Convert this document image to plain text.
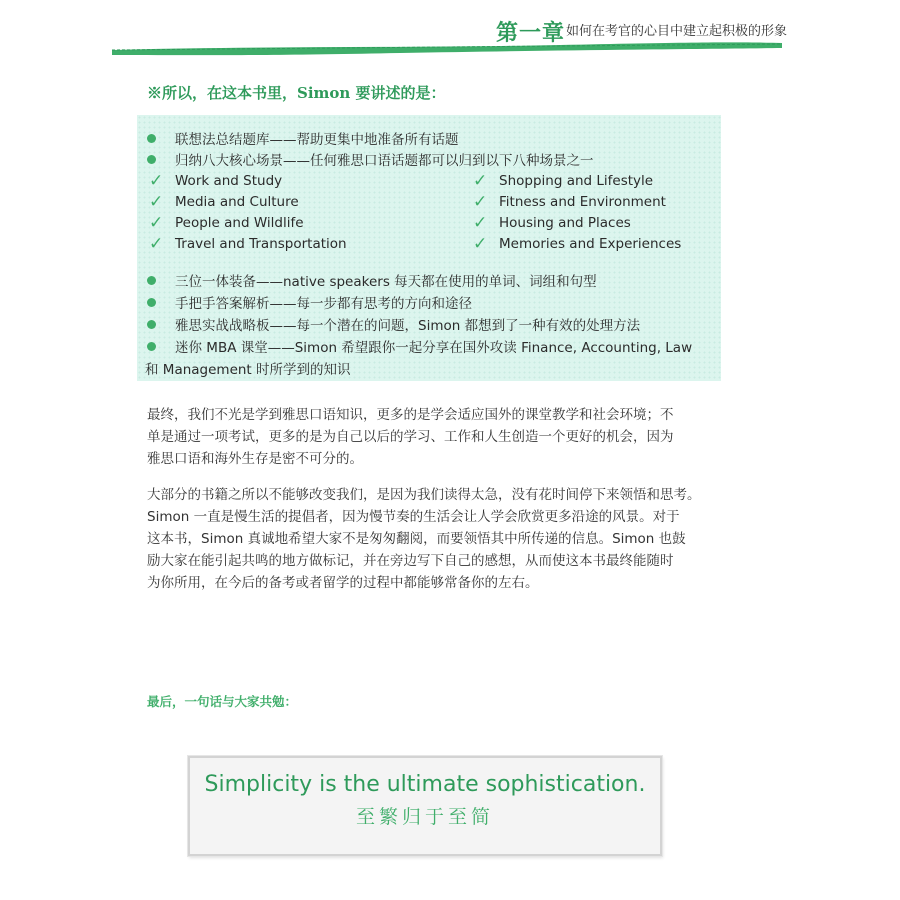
第一章 如何在考官的心目中建立起积极的形象
※所以，在这本书里，Simon 要讲述的是：
联想法总结题库——帮助更集中地准备所有话题
归纳八大核心场景——任何雅思口语话题都可以归到以下八种场景之一
✓ Work and Study
✓ Media and Culture
✓ People and Wildlife
✓ Travel and Transportation
✓ Shopping and Lifestyle
✓ Fitness and Environment
✓ Housing and Places
✓ Memories and Experiences
三位一体装备——native speakers 每天都在使用的单词、词组和句型
手把手答案解析——每一步都有思考的方向和途径
雅思实战战略板——每一个潜在的问题，Simon 都想到了一种有效的处理方法
迷你 MBA 课堂——Simon 希望跟你一起分享在国外攻读 Finance, Accounting, Law
和 Management 时所学到的知识
最终，我们不光是学到雅思口语知识，更多的是学会适应国外的课堂教学和社会环境；不
单是通过一项考试，更多的是为自己以后的学习、工作和人生创造一个更好的机会，因为
雅思口语和海外生存是密不可分的。
大部分的书籍之所以不能够改变我们，是因为我们读得太急，没有花时间停下来领悟和思考。
Simon 一直是慢生活的提倡者，因为慢节奏的生活会让人学会欣赏更多沿途的风景。对于
这本书，Simon 真诚地希望大家不是匆匆翻阅，而要领悟其中所传递的信息。Simon 也鼓
励大家在能引起共鸣的地方做标记，并在旁边写下自己的感想，从而使这本书最终能随时
为你所用，在今后的备考或者留学的过程中都能够常备你的左右。
最后，一句话与大家共勉：
Simplicity is the ultimate sophistication.
至繁归于至简
